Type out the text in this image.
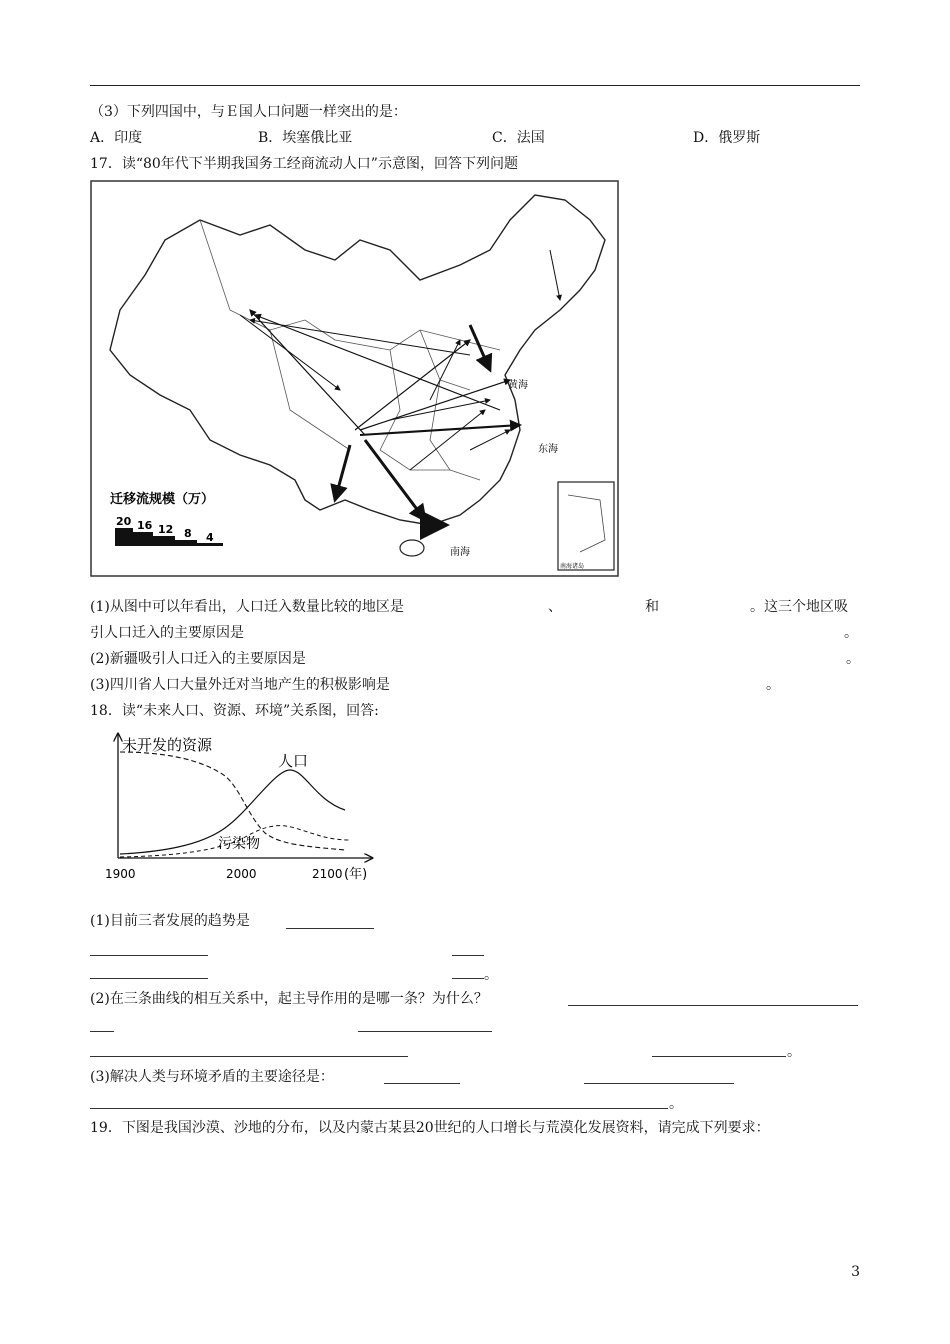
（3）下列四国中，与Ｅ国人口问题一样突出的是：
A．印度	B．埃塞俄比亚	C．法国	D．俄罗斯
17．读“80年代下半期我国务工经商流动人口”示意图，回答下列问题
黄海
东海
南海
南海诸岛
迁移流规模（万）
20 16 12 8 4
(1)从图中可以年看出，人口迁入数量比较的地区是	、	和	。这三个地区吸
引人口迁入的主要原因是	。
(2)新疆吸引人口迁入的主要原因是	。
(3)四川省人口大量外迁对当地产生的积极影响是	。
18．读“未来人口、资源、环境”关系图，回答:
未开发的资源
人口
污染物
1900	2000	2100 (年)
(1)目前三者发展的趋势是
。
(2)在三条曲线的相互关系中，起主导作用的是哪一条？为什么？
。
(3)解决人类与环境矛盾的主要途径是：
。
19．下图是我国沙漠、沙地的分布，以及内蒙古某县20世纪的人口增长与荒漠化发展资料，请完成下列要求：
3
